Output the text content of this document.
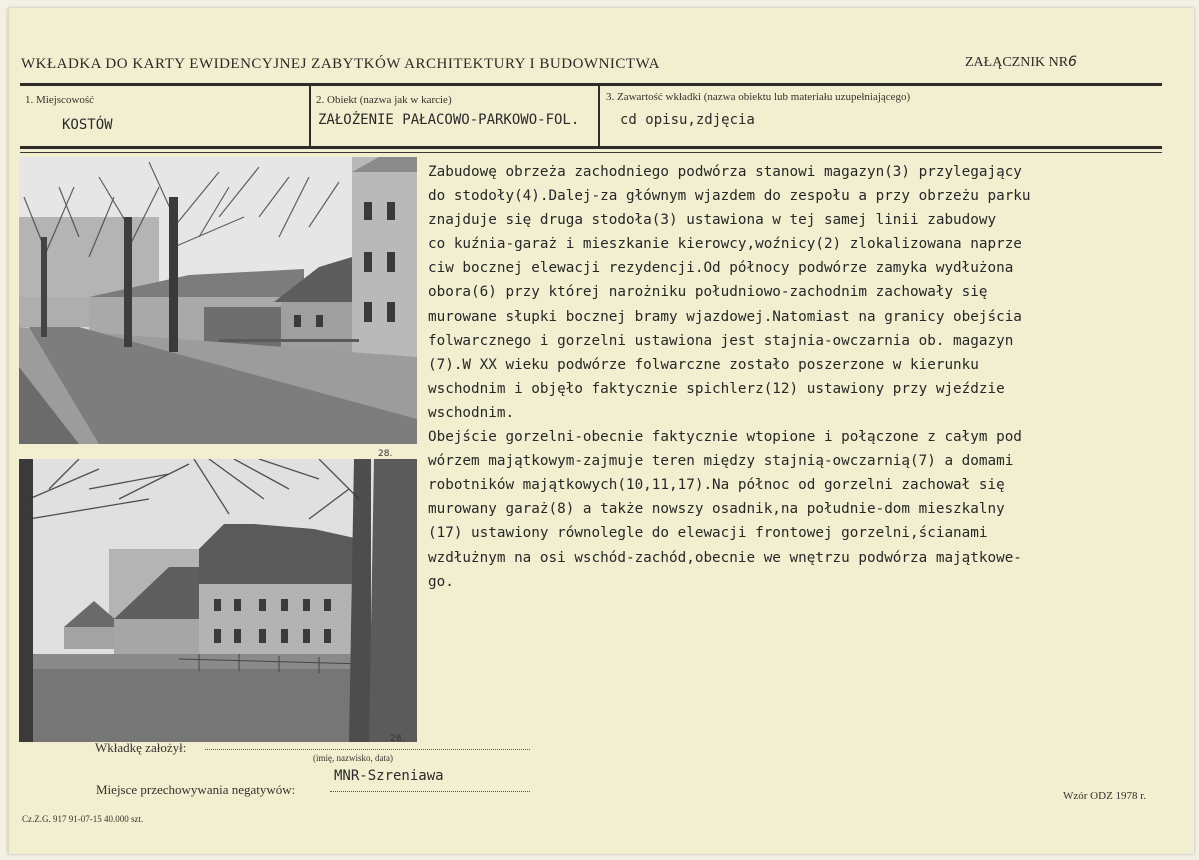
WKŁADKA DO KARTY EWIDENCYJNEJ ZABYTKÓW ARCHITEKTURY I BUDOWNICTWA	ZAŁĄCZNIK NR6
1. Miejscowość
KOSTÓW
2. Obiekt (nazwa jak w karcie)
ZAŁOŻENIE PAŁACOWO-PARKOWO-FOL.
3. Zawartość wkładki (nazwa obiektu lub materiału uzupełniającego)
cd opisu,zdjęcia
28.
28.

Zabudowę obrzeża zachodniego podwórza stanowi magazyn(3) przylegający

do stodoły(4).Dalej-za głównym wjazdem do zespołu a przy obrzeżu parku

znajduje się druga stodoła(3) ustawiona w tej samej linii zabudowy

co kuźnia-garaż i mieszkanie kierowcy,woźnicy(2) zlokalizowana naprze

ciw bocznej elewacji rezydencji.Od północy podwórze zamyka wydłużona

obora(6) przy której narożniku południowo-zachodnim zachowały się

murowane słupki bocznej bramy wjazdowej.Natomiast na granicy obejścia

folwarcznego i gorzelni ustawiona jest stajnia-owczarnia ob. magazyn

(7).W XX wieku podwórze folwarczne zostało poszerzone w kierunku

wschodnim i objęło faktycznie spichlerz(12) ustawiony przy wjeździe

wschodnim.

Obejście gorzelni-obecnie faktycznie wtopione i połączone z całym pod

wórzem majątkowym-zajmuje teren między stajnią-owczarnią(7) a domami

robotników majątkowych(10,11,17).Na północ od gorzelni zachował się

murowany garaż(8) a także nowszy osadnik,na południe-dom mieszkalny

(17) ustawiony równolegle do elewacji frontowej gorzelni,ścianami

wzdłużnym na osi wschód-zachód,obecnie we wnętrzu podwórza majątkowe-

go.

Wkładkę założył:
(imię, nazwisko, data)
Miejsce przechowywania negatywów:
MNR-Szreniawa
Cz.Z.G. 917 91-07-15 40.000 szt.
Wzór ODZ 1978 r.
